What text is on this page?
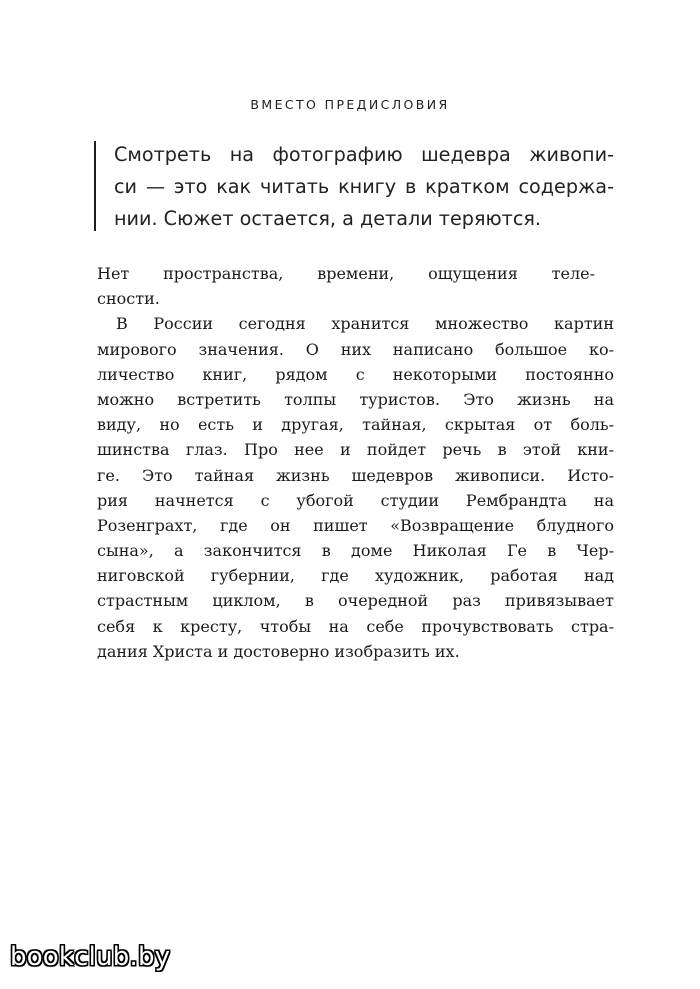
ВМЕСТО ПРЕДИСЛОВИЯ
Смотреть на фотографию шедевра живопи-
си — это как читать книгу в кратком содержа-
нии. Сюжет остается, а детали теряются.
Нет пространства, времени, ощущения теле-
сности.
В России сегодня хранится множество картин
мирового значения. О них написано большое ко-
личество книг, рядом с некоторыми постоянно
можно встретить толпы туристов. Это жизнь на
виду, но есть и другая, тайная, скрытая от боль-
шинства глаз. Про нее и пойдет речь в этой кни-
ге. Это тайная жизнь шедевров живописи. Исто-
рия начнется с убогой студии Рембрандта на
Розенграхт, где он пишет «Возвращение блудного
сына», а закончится в доме Николая Ге в Чер-
ниговской губернии, где художник, работая над
страстным циклом, в очередной раз привязывает
себя к кресту, чтобы на себе прочувствовать стра-
дания Христа и достоверно изобразить их.
bookclub.by
